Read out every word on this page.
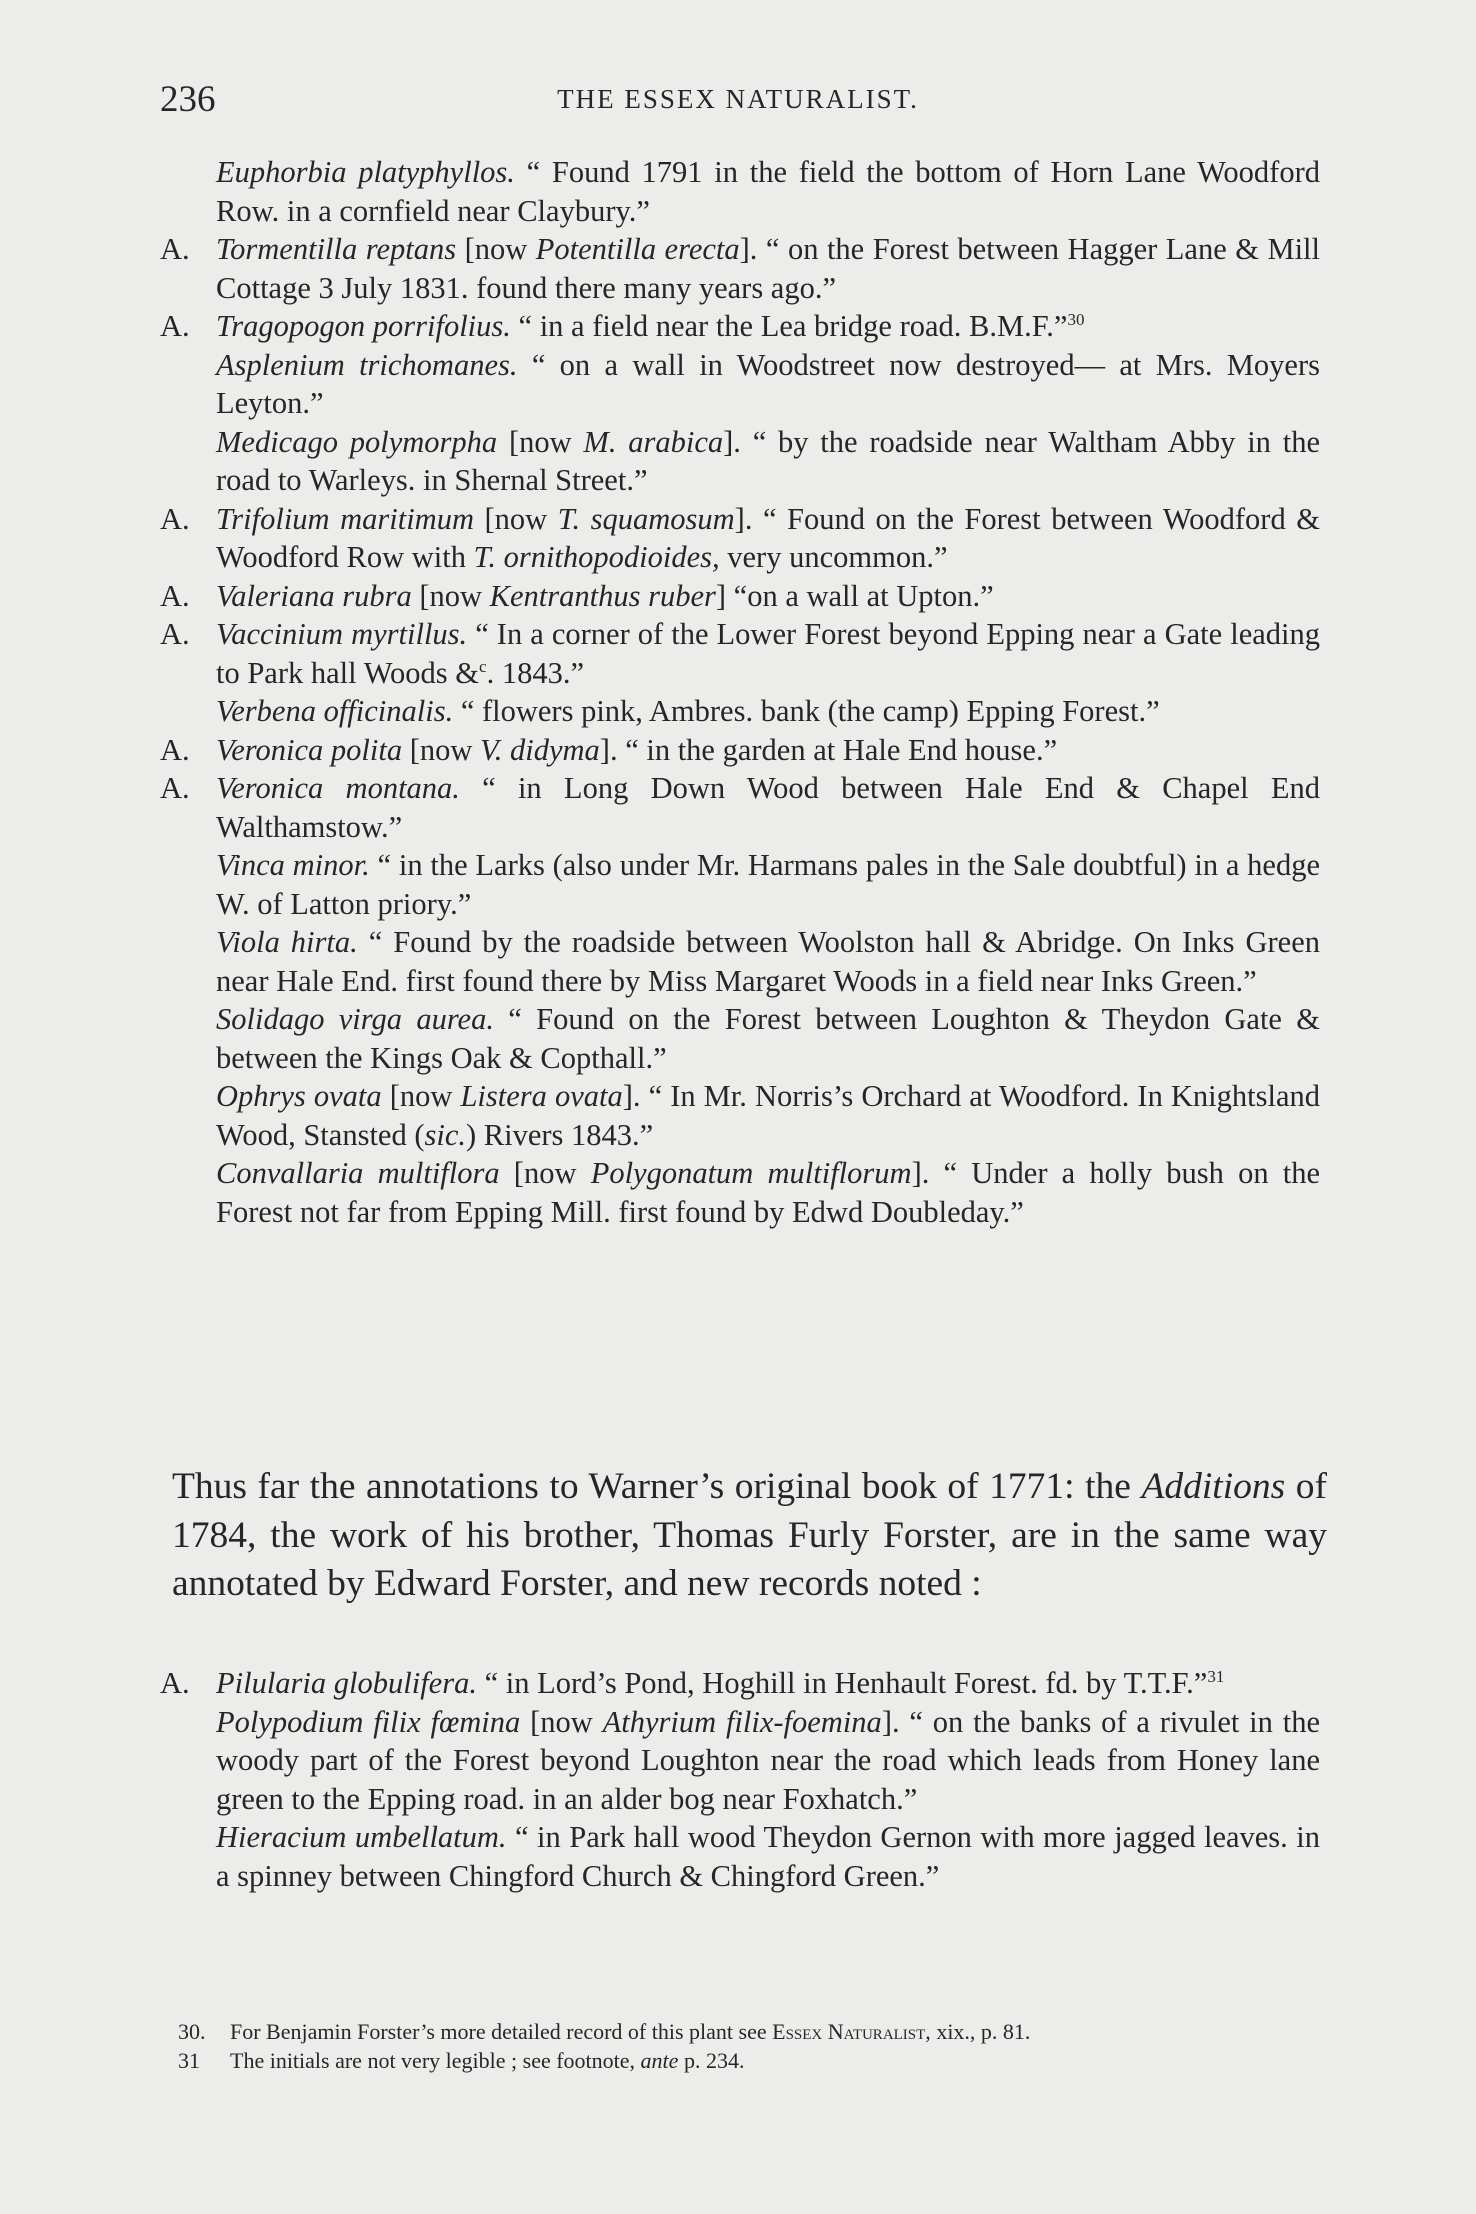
236	THE ESSEX NATURALIST.
Euphorbia platyphyllos. “ Found 1791 in the field the bottom of Horn Lane Woodford Row. in a cornfield near Claybury.”
A. Tormentilla reptans [now Potentilla erecta]. “ on the Forest between Hagger Lane & Mill Cottage 3 July 1831. found there many years ago.”
A. Tragopogon porrifolius. “ in a field near the Lea bridge road. B.M.F.”$^{30}$
Asplenium trichomanes. “ on a wall in Woodstreet now destroyed— at Mrs. Moyers Leyton.”
Medicago polymorpha [now M. arabica]. “ by the roadside near Waltham Abby in the road to Warleys. in Shernal Street.”
A. Trifolium maritimum [now T. squamosum]. “ Found on the Forest between Woodford & Woodford Row with T. ornithopodioides, very uncommon.”
A. Valeriana rubra [now Kentranthus ruber] “on a wall at Upton.”
A. Vaccinium myrtillus. “ In a corner of the Lower Forest beyond Epping near a Gate leading to Park hall Woods &$^c$. 1843.”
Verbena officinalis. “ flowers pink, Ambres. bank (the camp) Epping Forest.”
A. Veronica polita [now V. didyma]. “ in the garden at Hale End house.”
A. Veronica montana. “ in Long Down Wood between Hale End & Chapel End Walthamstow.”
Vinca minor. “ in the Larks (also under Mr. Harmans pales in the Sale doubtful) in a hedge W. of Latton priory.”
Viola hirta. “ Found by the roadside between Woolston hall & Abridge. On Inks Green near Hale End. first found there by Miss Margaret Woods in a field near Inks Green.”
Solidago virga aurea. “ Found on the Forest between Loughton & Theydon Gate & between the Kings Oak & Copthall.”
Ophrys ovata [now Listera ovata]. “ In Mr. Norris’s Orchard at Woodford. In Knightsland Wood, Stansted (sic.) Rivers 1843.”
Convallaria multiflora [now Polygonatum multiflorum]. “ Under a holly bush on the Forest not far from Epping Mill. first found by Edwd Doubleday.”
Thus far the annotations to Warner’s original book of 1771: the Additions of 1784, the work of his brother, Thomas Furly Forster, are in the same way annotated by Edward Forster, and new records noted :
A. Pilularia globulifera. “ in Lord’s Pond, Hoghill in Henhault Forest. fd. by T.T.F.”$^{31}$
Polypodium filix fœmina [now Athyrium filix-foemina]. “ on the banks of a rivulet in the woody part of the Forest beyond Loughton near the road which leads from Honey lane green to the Epping road. in an alder bog near Foxhatch.”
Hieracium umbellatum. “ in Park hall wood Theydon Gernon with more jagged leaves. in a spinney between Chingford Church & Chingford Green.”
30. For Benjamin Forster’s more detailed record of this plant see Essex Naturalist, xix., p. 81.
31 The initials are not very legible ; see footnote, ante p. 234.
